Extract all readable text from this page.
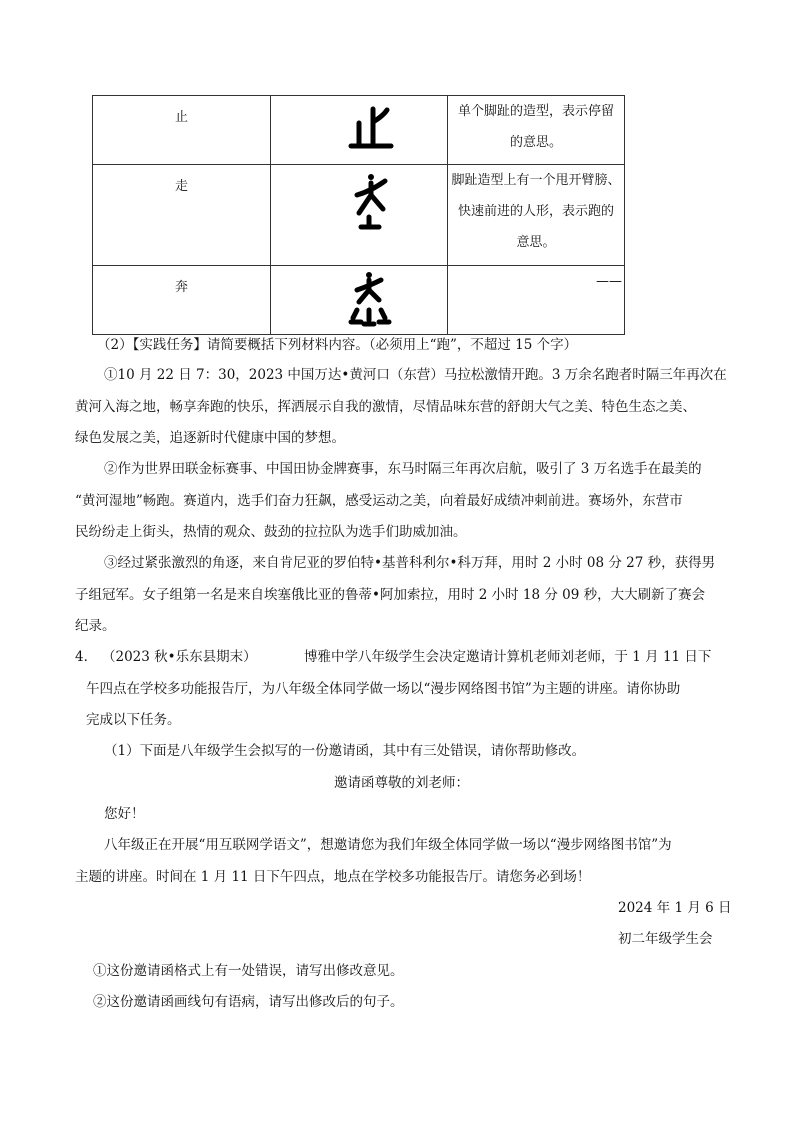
止		单个脚趾的造型，表示停留
的意思。
走		脚趾造型上有一个甩开臂膀、
快速前进的人形，表示跑的
意思。
奔		——
（2）【实践任务】请简要概括下列材料内容。（必须用上“跑”，不超过 15 个字）
①10 月 22 日 7：30，2023 中国万达•黄河口（东营）马拉松激情开跑。3 万余名跑者时隔三年再次在
黄河入海之地，畅享奔跑的快乐，挥洒展示自我的激情，尽情品味东营的舒朗大气之美、特色生态之美、
绿色发展之美，追逐新时代健康中国的梦想。
②作为世界田联金标赛事、中国田协金牌赛事，东马时隔三年再次启航，吸引了 3 万名选手在最美的
“黄河湿地”畅跑。赛道内，选手们奋力狂飙，感受运动之美，向着最好成绩冲刺前进。赛场外，东营市
民纷纷走上街头，热情的观众、鼓劲的拉拉队为选手们助威加油。
③经过紧张激烈的角逐，来自肯尼亚的罗伯特•基普科利尔•科万拜，用时 2 小时 08 分 27 秒，获得男
子组冠军。女子组第一名是来自埃塞俄比亚的鲁蒂•阿加索拉，用时 2 小时 18 分 09 秒，大大刷新了赛会
纪录。
4． （2023 秋•乐东县期末）	博雅中学八年级学生会决定邀请计算机老师刘老师，于 1 月 11 日下
午四点在学校多功能报告厅，为八年级全体同学做一场以“漫步网络图书馆”为主题的讲座。请你协助
完成以下任务。
（1）下面是八年级学生会拟写的一份邀请函，其中有三处错误，请你帮助修改。
邀请函尊敬的刘老师：
您好！
八年级正在开展“用互联网学语文”，想邀请您为我们年级全体同学做一场以“漫步网络图书馆”为
主题的讲座。时间在 1 月 11 日下午四点，地点在学校多功能报告厅。请您务必到场！
2024 年 1 月 6 日
初二年级学生会
①这份邀请函格式上有一处错误，请写出修改意见。
②这份邀请函画线句有语病，请写出修改后的句子。
